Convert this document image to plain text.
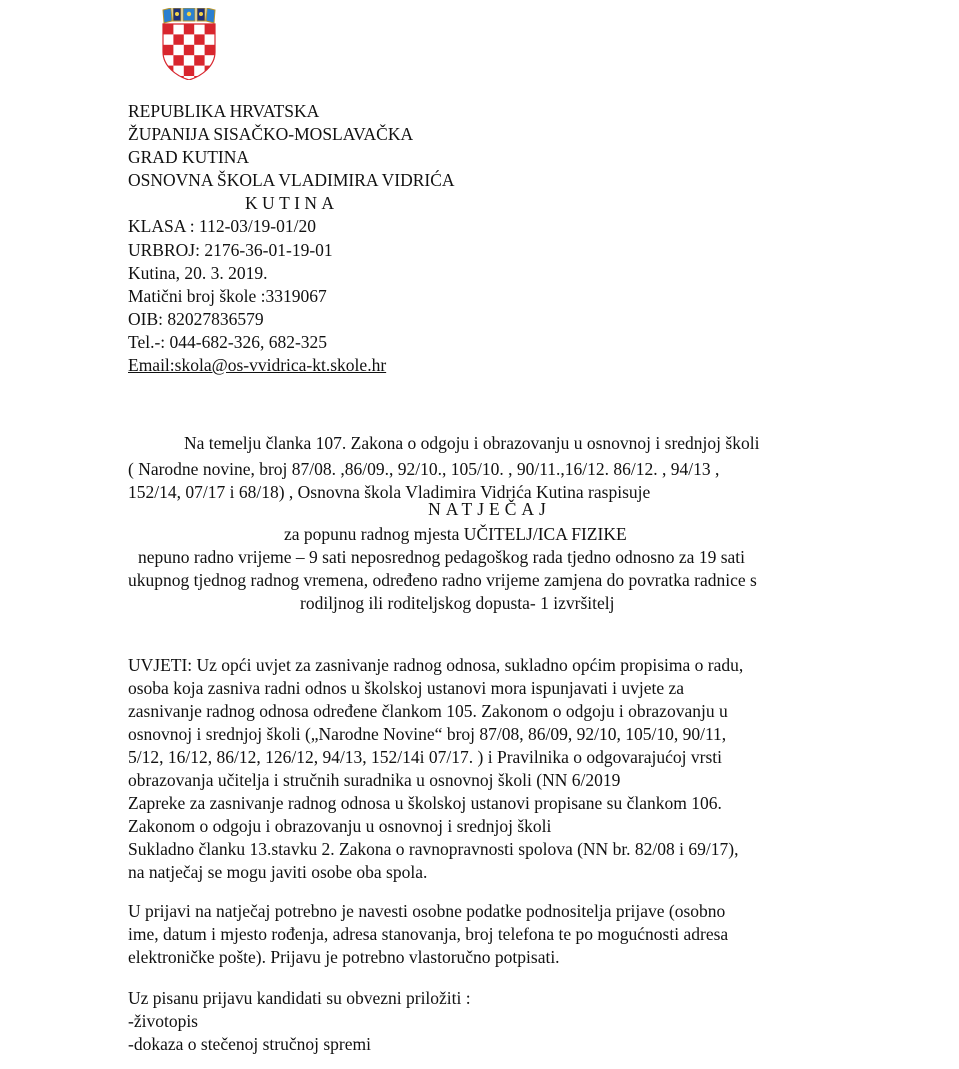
REPUBLIKA HRVATSKA
ŽUPANIJA SISAČKO-MOSLAVAČKA
GRAD KUTINA
OSNOVNA ŠKOLA VLADIMIRA VIDRIĆA
KUTINA
KLASA : 112-03/19-01/20
URBROJ: 2176-36-01-19-01
Kutina, 20. 3. 2019.
Matični broj škole :3319067
OIB: 82027836579
Tel.-: 044-682-326, 682-325
Email:skola@os-vvidrica-kt.skole.hr
Na temelju članka 107. Zakona o odgoju i obrazovanju u osnovnoj i srednjoj školi
( Narodne novine, broj 87/08. ,86/09., 92/10., 105/10. , 90/11.,16/12. 86/12. , 94/13 ,
152/14, 07/17 i 68/18) , Osnovna škola Vladimira Vidrića Kutina raspisuje
NATJEČAJ
za popunu radnog mjesta UČITELJ/ICA FIZIKE
nepuno radno vrijeme – 9 sati neposrednog pedagoškog rada tjedno odnosno za 19 sati
ukupnog tjednog radnog vremena, određeno radno vrijeme zamjena do povratka radnice s
rodiljnog ili roditeljskog dopusta- 1 izvršitelj
UVJETI: Uz opći uvjet za zasnivanje radnog odnosa, sukladno općim propisima o radu,
osoba koja zasniva radni odnos u školskoj ustanovi mora ispunjavati i uvjete za
zasnivanje radnog odnosa određene člankom 105. Zakonom o odgoju i obrazovanju u
osnovnoj i srednjoj školi („Narodne Novine“ broj 87/08, 86/09, 92/10, 105/10, 90/11,
5/12, 16/12, 86/12, 126/12, 94/13, 152/14i 07/17. ) i Pravilnika o odgovarajućoj vrsti
obrazovanja učitelja i stručnih suradnika u osnovnoj školi (NN 6/2019
Zapreke za zasnivanje radnog odnosa u školskoj ustanovi propisane su člankom 106.
Zakonom o odgoju i obrazovanju u osnovnoj i srednjoj školi
Sukladno članku 13.stavku 2. Zakona o ravnopravnosti spolova (NN br. 82/08 i 69/17),
na natječaj se mogu javiti osobe oba spola.
U prijavi na natječaj potrebno je navesti osobne podatke podnositelja prijave (osobno
ime, datum i mjesto rođenja, adresa stanovanja, broj telefona te po mogućnosti adresa
elektroničke pošte). Prijavu je potrebno vlastoručno potpisati.
Uz pisanu prijavu kandidati su obvezni priložiti :
-životopis
-dokaza o stečenoj stručnoj spremi
